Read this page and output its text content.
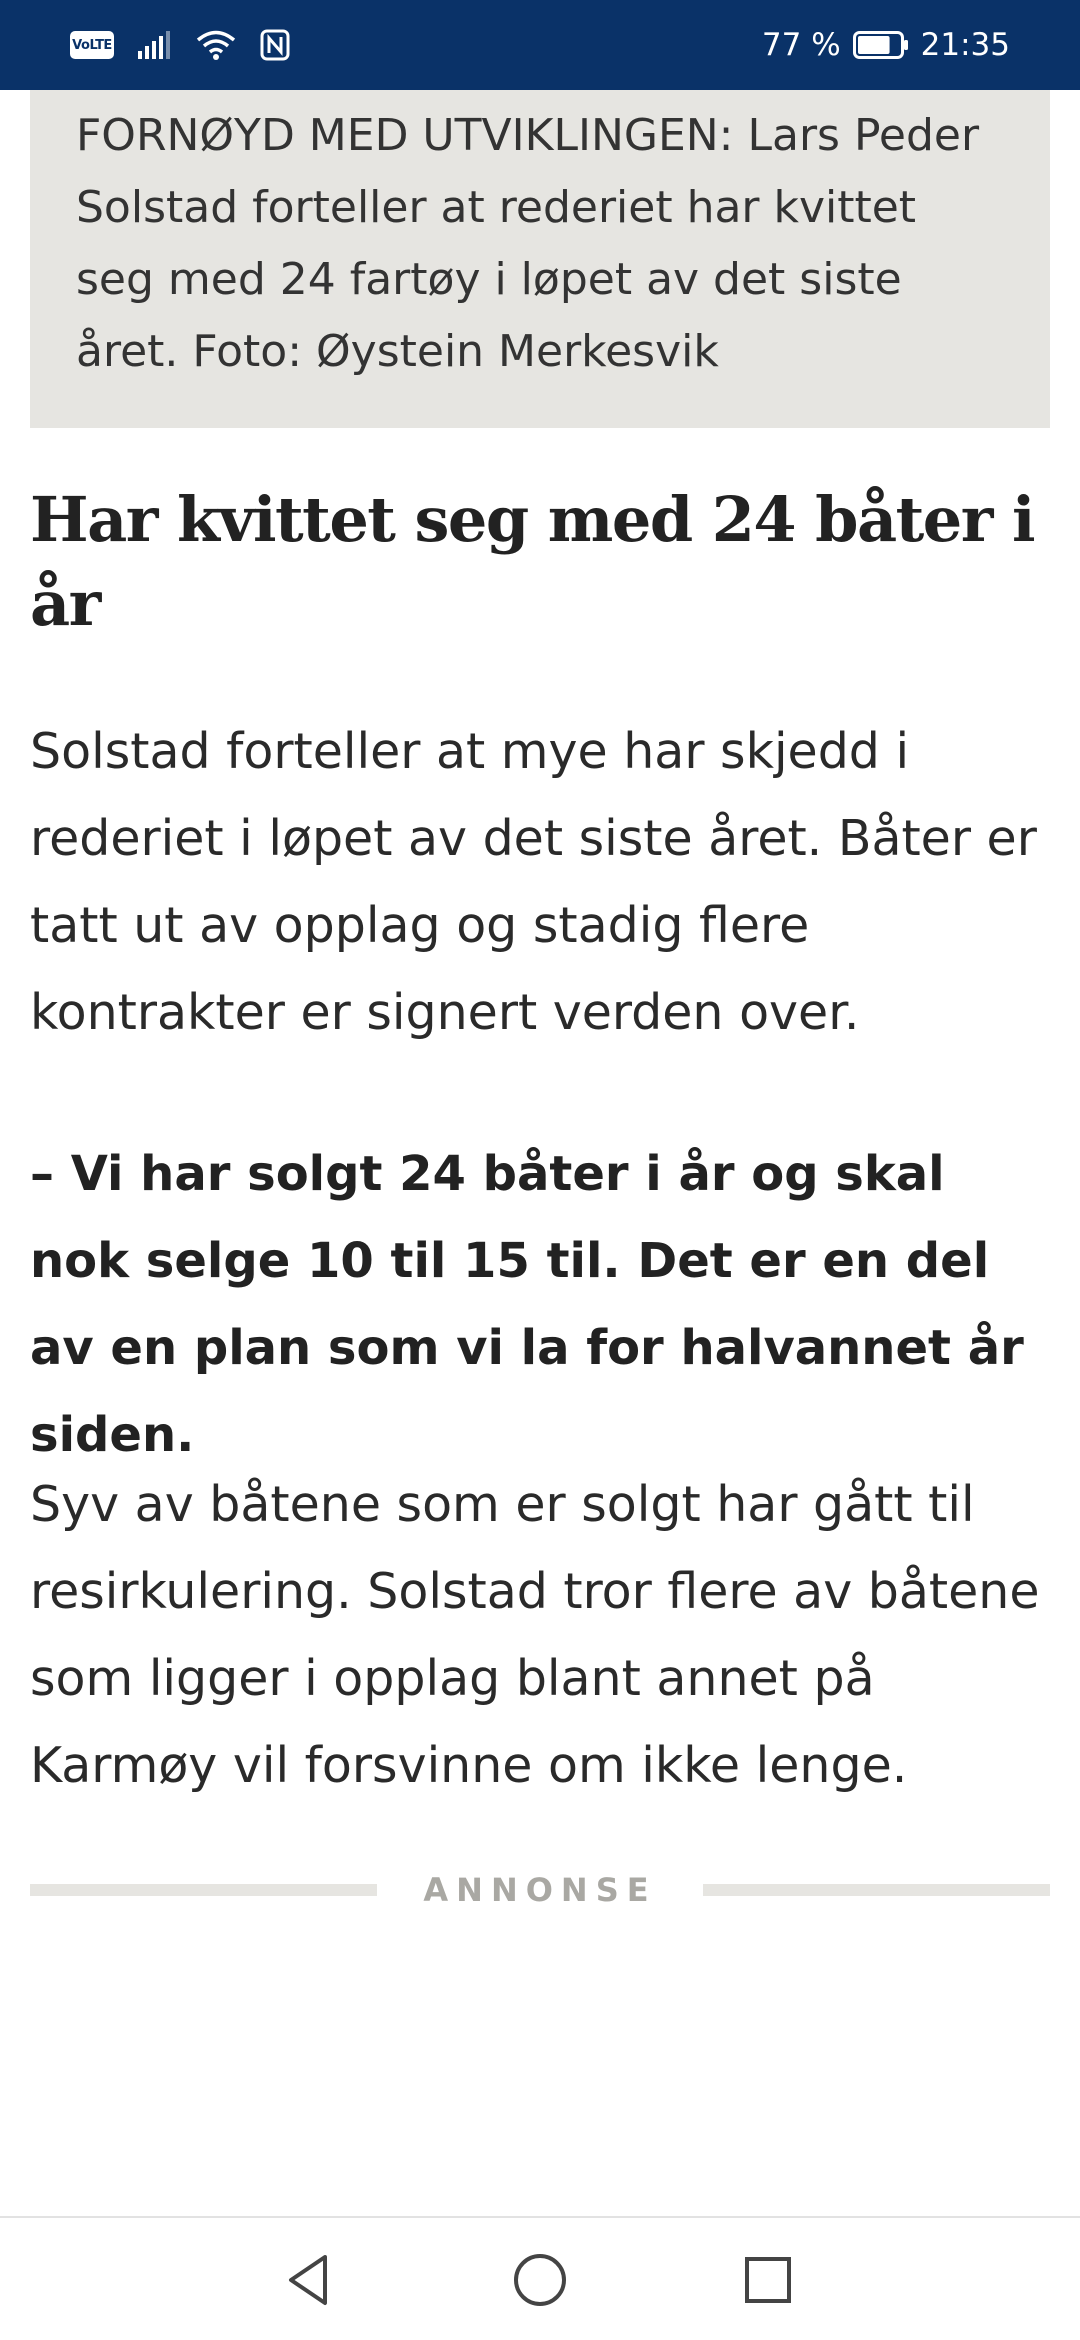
VoLTE	77 %	21:35

FORNØYD MED UTVIKLINGEN: Lars Peder Solstad forteller at rederiet har kvittet seg med 24 fartøy i løpet av det siste året. Foto: Øystein Merkesvik

Har kvittet seg med 24 båter i år

Solstad forteller at mye har skjedd i rederiet i løpet av det siste året. Båter er tatt ut av opplag og stadig flere kontrakter er signert verden over.

– Vi har solgt 24 båter i år og skal nok selge 10 til 15 til. Det er en del av en plan som vi la for halvannet år siden.

Syv av båtene som er solgt har gått til resirkulering. Solstad tror flere av båtene som ligger i opplag blant annet på Karmøy vil forsvinne om ikke lenge.

ANNONSE
